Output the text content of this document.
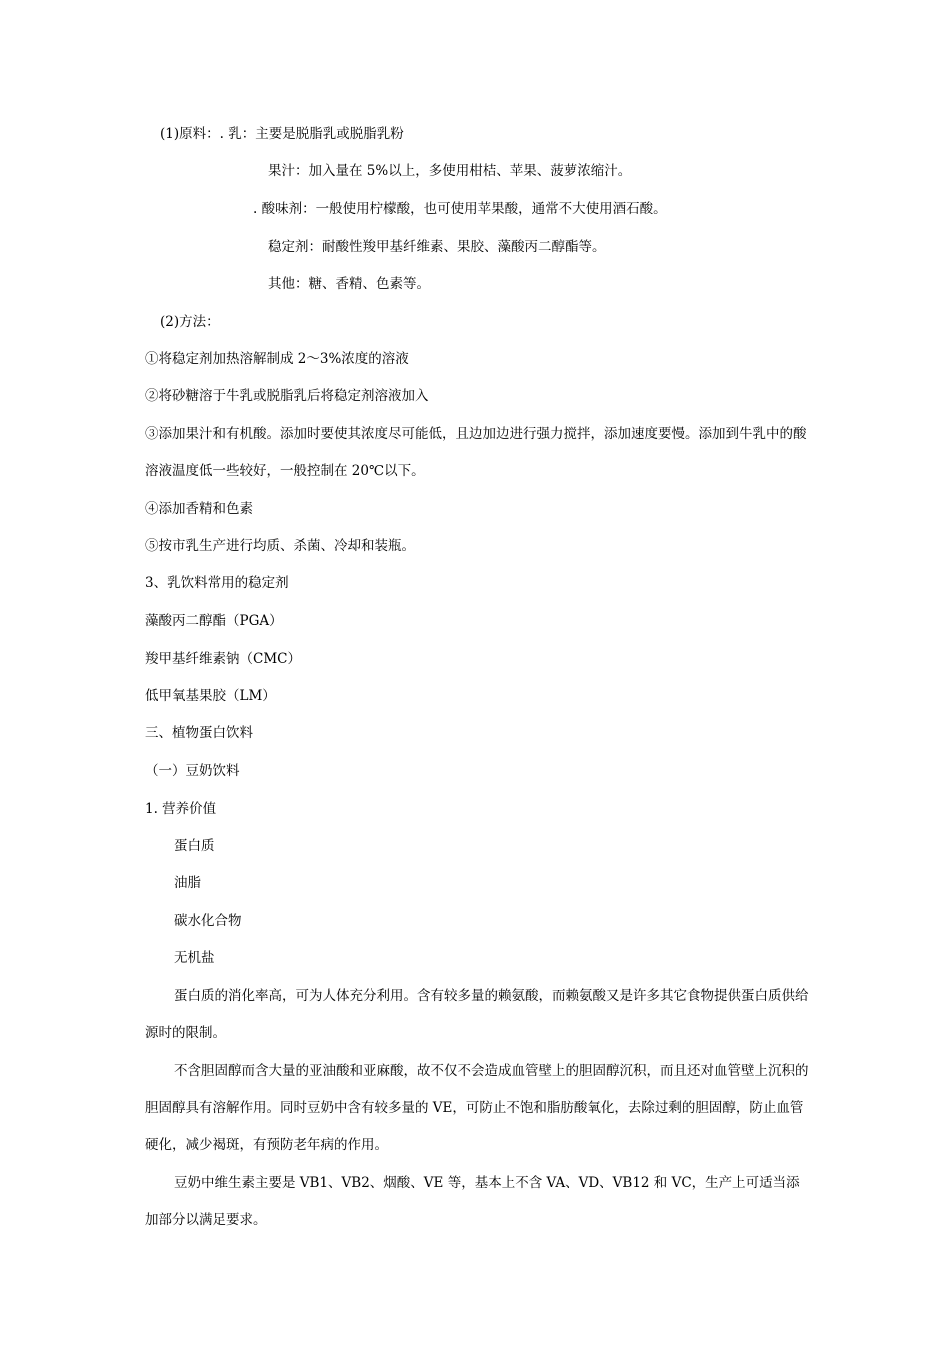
(1)原料：. 乳：主要是脱脂乳或脱脂乳粉
果汁：加入量在 5%以上，多使用柑桔、苹果、菠萝浓缩汁。
. 酸味剂：一般使用柠檬酸，也可使用苹果酸，通常不大使用酒石酸。
稳定剂：耐酸性羧甲基纤维素、果胶、藻酸丙二醇酯等。
其他：糖、香精、色素等。
(2)方法：
①将稳定剂加热溶解制成 2～3%浓度的溶液
②将砂糖溶于牛乳或脱脂乳后将稳定剂溶液加入
③添加果汁和有机酸。添加时要使其浓度尽可能低，且边加边进行强力搅拌，添加速度要慢。添加到牛乳中的酸溶液温度低一些较好，一般控制在 20℃以下。
④添加香精和色素
⑤按市乳生产进行均质、杀菌、冷却和装瓶。
3、乳饮料常用的稳定剂
藻酸丙二醇酯（PGA）
羧甲基纤维素钠（CMC）
低甲氧基果胶（LM）
三、植物蛋白饮料
（一）豆奶饮料
1. 营养价值
蛋白质
油脂
碳水化合物
无机盐
蛋白质的消化率高，可为人体充分利用。含有较多量的赖氨酸，而赖氨酸又是许多其它食物提供蛋白质供给源时的限制。
不含胆固醇而含大量的亚油酸和亚麻酸，故不仅不会造成血管壁上的胆固醇沉积，而且还对血管壁上沉积的胆固醇具有溶解作用。同时豆奶中含有较多量的 VE，可防止不饱和脂肪酸氧化，去除过剩的胆固醇，防止血管硬化，减少褐斑，有预防老年病的作用。
豆奶中维生素主要是 VB1、VB2、烟酸、VE 等，基本上不含 VA、VD、VB12 和 VC，生产上可适当添加部分以满足要求。
